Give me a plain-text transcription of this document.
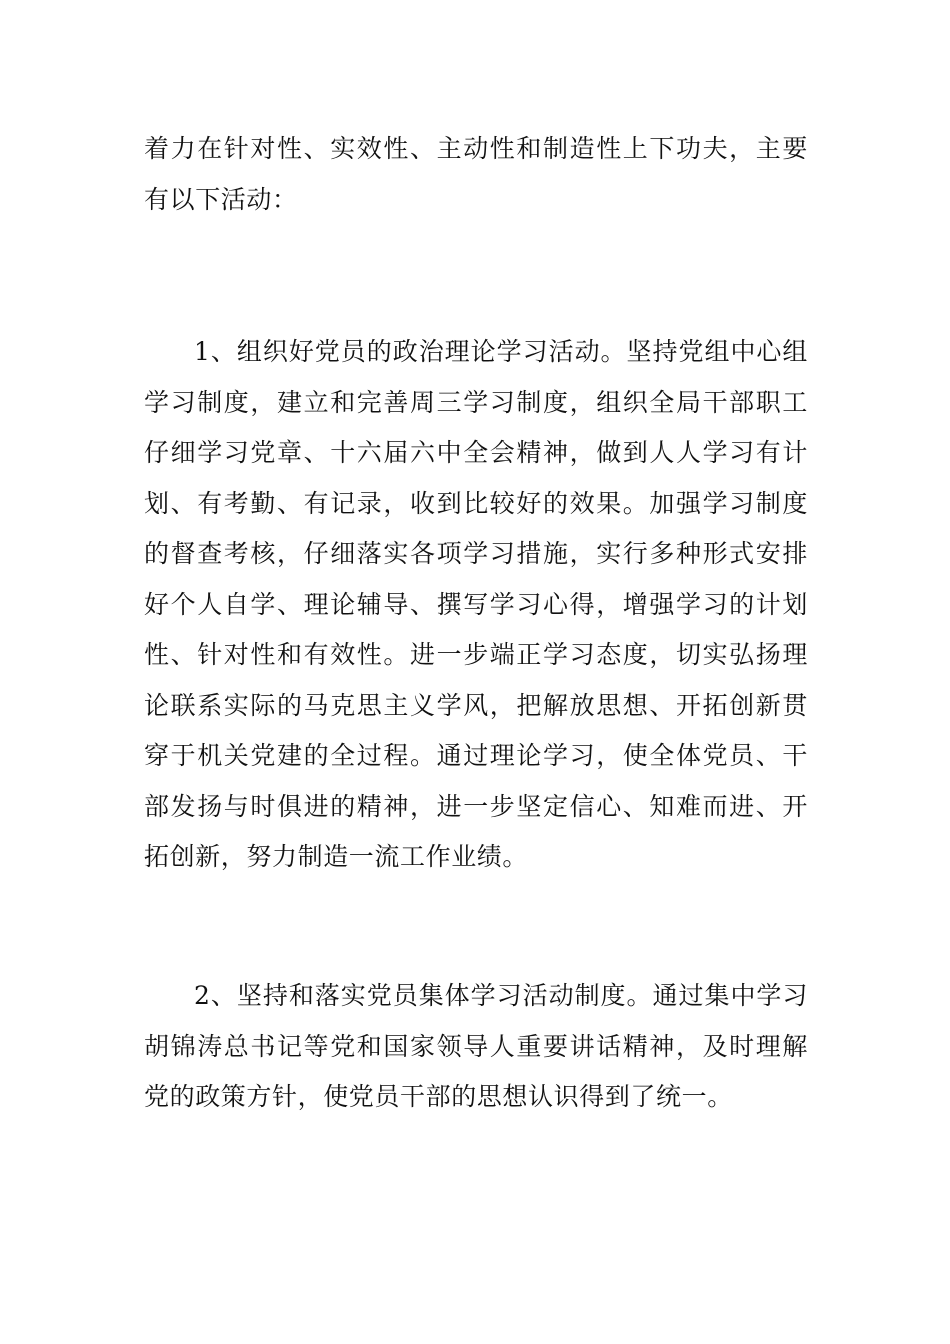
着力在针对性、实效性、主动性和制造性上下功夫，主要有以下活动：

1、组织好党员的政治理论学习活动。坚持党组中心组学习制度，建立和完善周三学习制度，组织全局干部职工仔细学习党章、十六届六中全会精神，做到人人学习有计划、有考勤、有记录，收到比较好的效果。加强学习制度的督查考核，仔细落实各项学习措施，实行多种形式安排好个人自学、理论辅导、撰写学习心得，增强学习的计划性、针对性和有效性。进一步端正学习态度，切实弘扬理论联系实际的马克思主义学风，把解放思想、开拓创新贯穿于机关党建的全过程。通过理论学习，使全体党员、干部发扬与时俱进的精神，进一步坚定信心、知难而进、开拓创新，努力制造一流工作业绩。

2、坚持和落实党员集体学习活动制度。通过集中学习胡锦涛总书记等党和国家领导人重要讲话精神，及时理解党的政策方针，使党员干部的思想认识得到了统一。
